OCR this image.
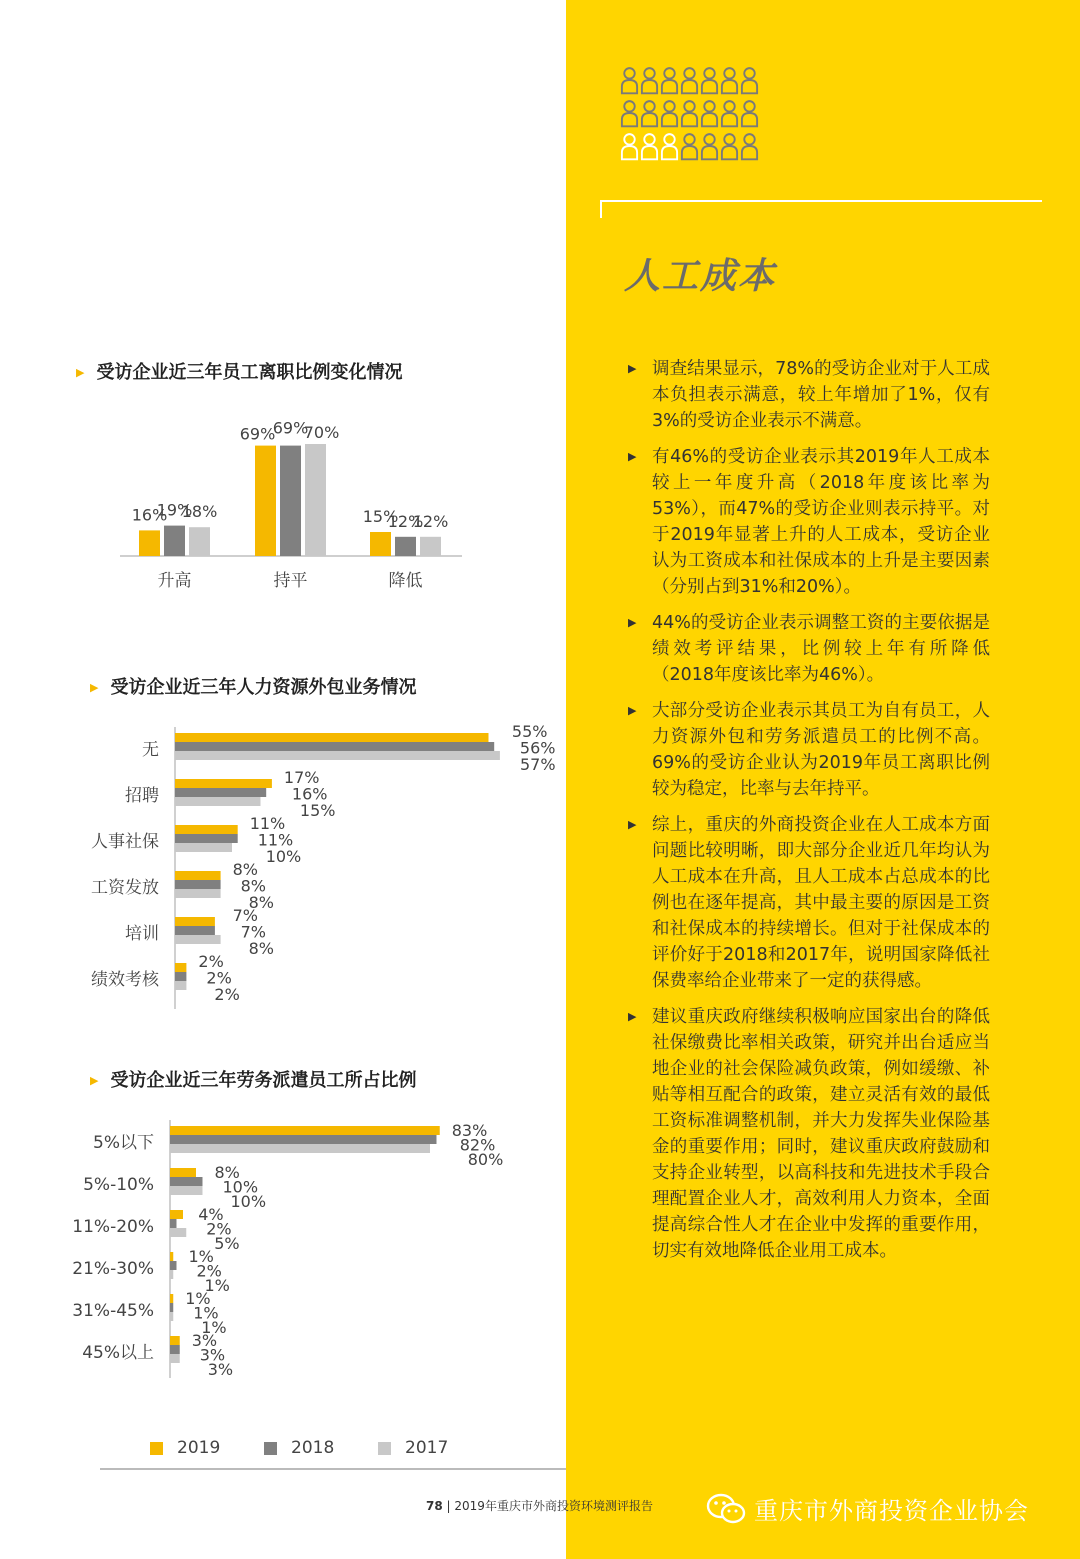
▶ 受访企业近三年员工离职比例变化情况
▶ 受访企业近三年人力资源外包业务情况
▶ 受访企业近三年劳务派遣员工所占比例
16%
19%
18%
升高
69%
69%
70%
持平
15%
12%
12%
降低
无
55%
56%
57%
招聘
17%
16%
15%
人事社保
11%
11%
10%
工资发放
8%
8%
8%
培训
7%
7%
8%
绩效考核
2%
2%
2%
5%以下
83%
82%
80%
5%-10%
8%
10%
10%
11%-20%
4%
2%
5%
21%-30%
1%
2%
1%
31%-45%
1%
1%
1%
45%以上
3%
3%
3%
2019	2018	2017
人工成本
▶ 调查结果显示，78%的受访企业对于人工成本负担表示满意，较上年增加了1%，仅有3%的受访企业表示不满意。
▶ 有46%的受访企业表示其2019年人工成本较上一年度升高（2018年度该比率为53%），而47%的受访企业则表示持平。对于2019年显著上升的人工成本，受访企业认为工资成本和社保成本的上升是主要因素（分别占到31%和20%）。
▶ 44%的受访企业表示调整工资的主要依据是绩效考评结果，比例较上年有所降低（2018年度该比率为46%）。
▶ 大部分受访企业表示其员工为自有员工，人力资源外包和劳务派遣员工的比例不高。69%的受访企业认为2019年员工离职比例较为稳定，比率与去年持平。
▶ 综上，重庆的外商投资企业在人工成本方面问题比较明晰，即大部分企业近几年均认为人工成本在升高，且人工成本占总成本的比例也在逐年提高，其中最主要的原因是工资和社保成本的持续增长。但对于社保成本的评价好于2018和2017年，说明国家降低社保费率给企业带来了一定的获得感。
▶ 建议重庆政府继续积极响应国家出台的降低社保缴费比率相关政策，研究并出台适应当地企业的社会保险减负政策，例如缓缴、补贴等相互配合的政策，建立灵活有效的最低工资标准调整机制，并大力发挥失业保险基金的重要作用；同时，建议重庆政府鼓励和支持企业转型，以高科技和先进技术手段合理配置企业人才，高效利用人力资本，全面提高综合性人才在企业中发挥的重要作用，切实有效地降低企业用工成本。
78 | 2019年重庆市外商投资环境测评报告	重庆市外商投资企业协会
